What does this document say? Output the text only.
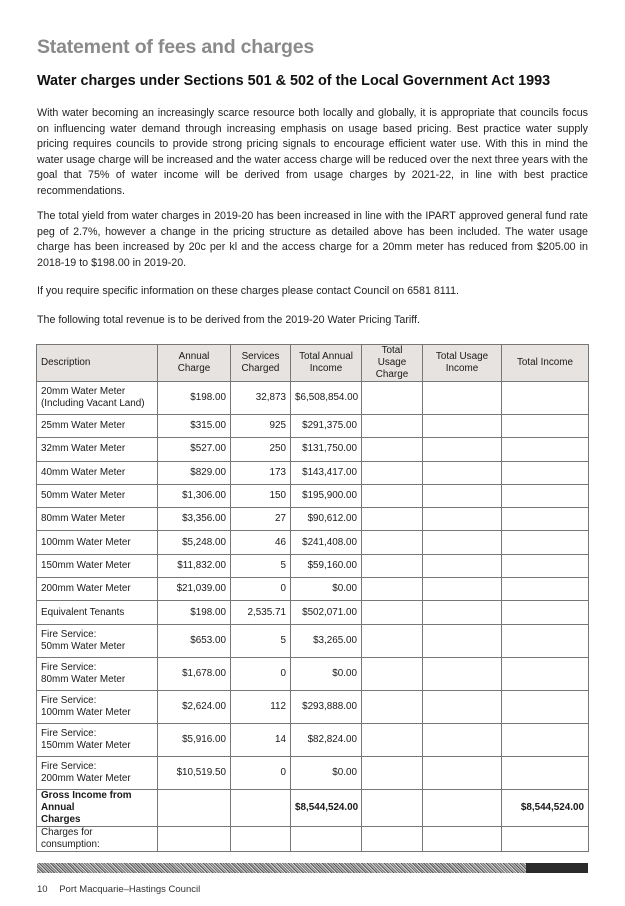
Statement of fees and charges
Water charges under Sections 501 & 502 of the Local Government Act 1993

With water becoming an increasingly scarce resource both locally and globally, it is appropriate that councils focus on influencing water demand through increasing emphasis on usage based pricing. Best practice water supply pricing requires councils to provide strong pricing signals to encourage efficient water use. With this in mind the water usage charge will be increased and the water access charge will be reduced over the next three years with the goal that 75% of water income will be derived from usage charges by 2021-22, in line with best practice recommendations.

The total yield from water charges in 2019-20 has been increased in line with the IPART approved general fund rate peg of 2.7%, however a change in the pricing structure as detailed above has been included. The water usage charge has been increased by 20c per kl and the access charge for a 20mm meter has reduced from $205.00 in 2018-19 to $198.00 in 2019-20.

If you require specific information on these charges please contact Council on 6581 8111.

The following total revenue is to be derived from the 2019-20 Water Pricing Tariff.

Description	Annual Charge	Services Charged	Total Annual Income	Total Usage Charge	Total Usage Income	Total Income
20mm Water Meter
(Including Vacant Land)	$198.00	32,873	$6,508,854.00			
25mm Water Meter	$315.00	925	$291,375.00			
32mm Water Meter	$527.00	250	$131,750.00			
40mm Water Meter	$829.00	173	$143,417.00			
50mm Water Meter	$1,306.00	150	$195,900.00			
80mm Water Meter	$3,356.00	27	$90,612.00			
100mm Water Meter	$5,248.00	46	$241,408.00			
150mm Water Meter	$11,832.00	5	$59,160.00			
200mm Water Meter	$21,039.00	0	$0.00			
Equivalent Tenants	$198.00	2,535.71	$502,071.00			
Fire Service:
50mm Water Meter	$653.00	5	$3,265.00			
Fire Service:
80mm Water Meter	$1,678.00	0	$0.00			
Fire Service:
100mm Water Meter	$2,624.00	112	$293,888.00			
Fire Service:
150mm Water Meter	$5,916.00	14	$82,824.00			
Fire Service:
200mm Water Meter	$10,519.50	0	$0.00			
Gross Income from Annual
Charges			$8,544,524.00			$8,544,524.00
Charges for consumption:						
10 Port Macquarie–Hastings Council
